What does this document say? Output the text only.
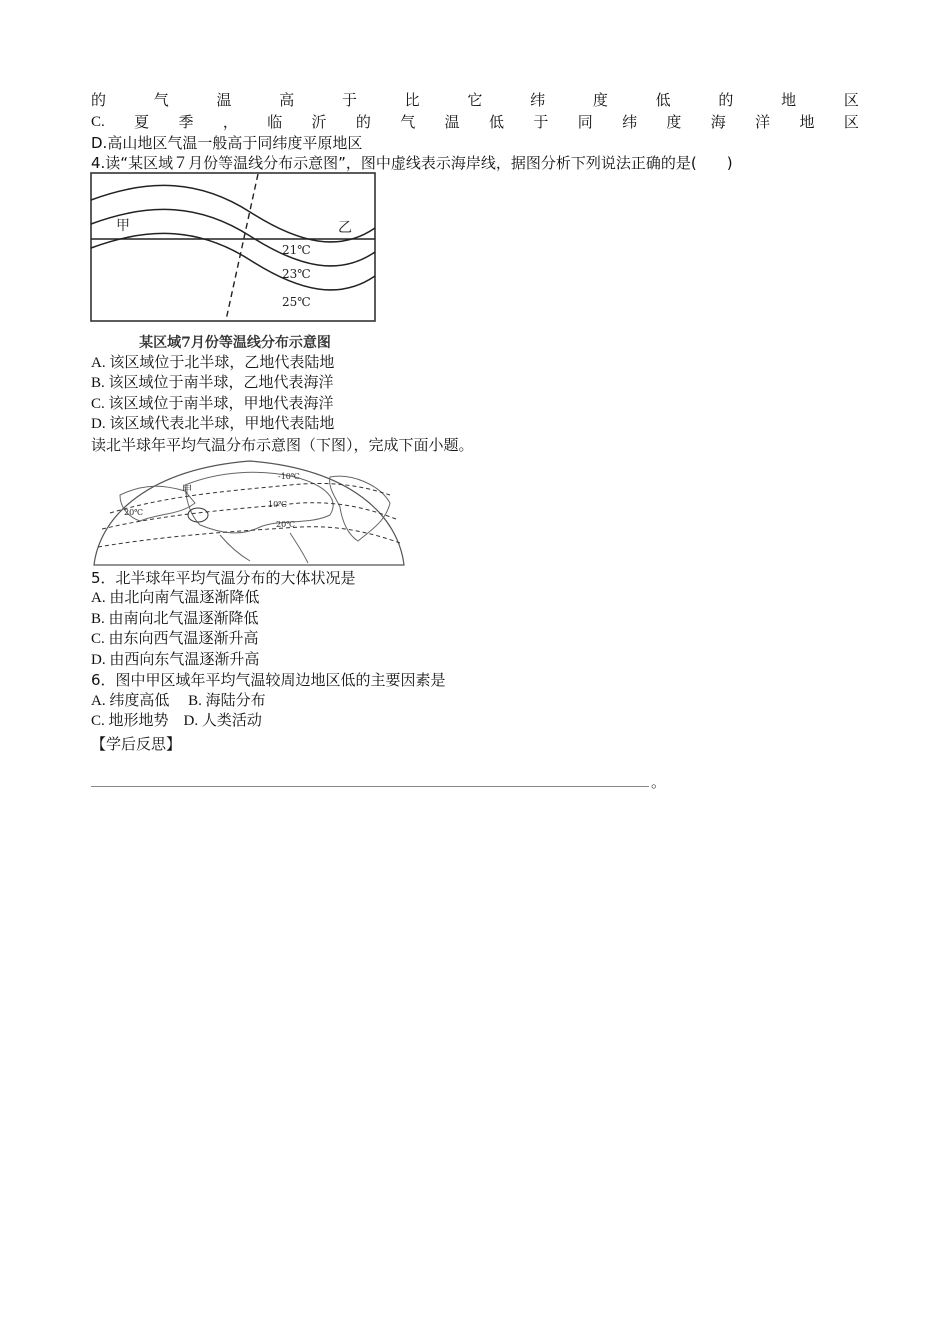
的	气	温	高	于	比	它	纬	度	低	的	地	区
C. 夏 季 ， 临 沂 的 气 温 低 于 同 纬 度 海 洋 地 区
D.高山地区气温一般高于同纬度平原地区
4.读“某区域７月份等温线分布示意图”，图中虚线表示海岸线，据图分析下列说法正确的是(　　)
甲	乙
21℃
23℃
25℃
某区域7月份等温线分布示意图
A. 该区域位于北半球，乙地代表陆地
B. 该区域位于南半球，乙地代表海洋
C. 该区域位于南半球，甲地代表海洋
D. 该区域代表北半球，甲地代表陆地
读北半球年平均气温分布示意图（下图），完成下面小题。
甲
-10℃
10℃
20℃
20℃
5．北半球年平均气温分布的大体状况是
A. 由北向南气温逐渐降低
B. 由南向北气温逐渐降低
C. 由东向西气温逐渐升高
D. 由西向东气温逐渐升高
6．图中甲区域年平均气温较周边地区低的主要因素是
A. 纬度高低　 B. 海陆分布
C. 地形地势　D. 人类活动
【学后反思】
。
